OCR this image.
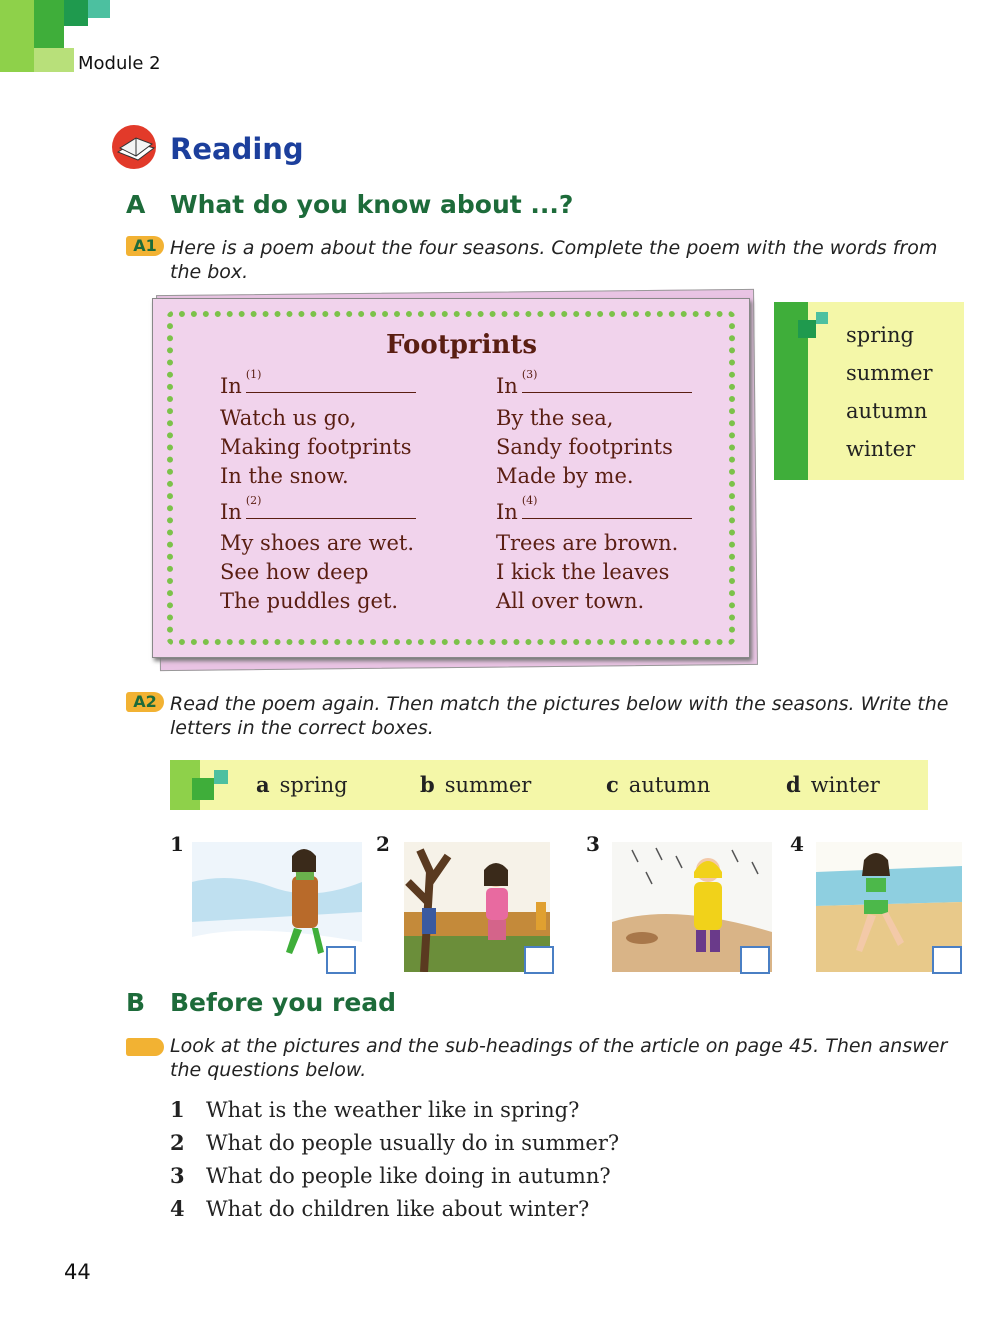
Module 2
Reading
A What do you know about ...?
A1 Here is a poem about the four seasons. Complete the poem with the words from the box.
Footprints
In (1)
Watch us go,
Making footprints
In the snow.
In (3)
By the sea,
Sandy footprints
Made by me.
In (2)
My shoes are wet.
See how deep
The puddles get.
In (4)
Trees are brown.
I kick the leaves
All over town.
spring
summer
autumn
winter
A2 Read the poem again. Then match the pictures below with the seasons. Write the letters in the correct boxes.
a spring	b summer	c autumn	d winter
1	2	3	4
B Before you read
Look at the pictures and the sub-headings of the article on page 45. Then answer the questions below.
1 What is the weather like in spring?
2 What do people usually do in summer?
3 What do people like doing in autumn?
4 What do children like about winter?
44
